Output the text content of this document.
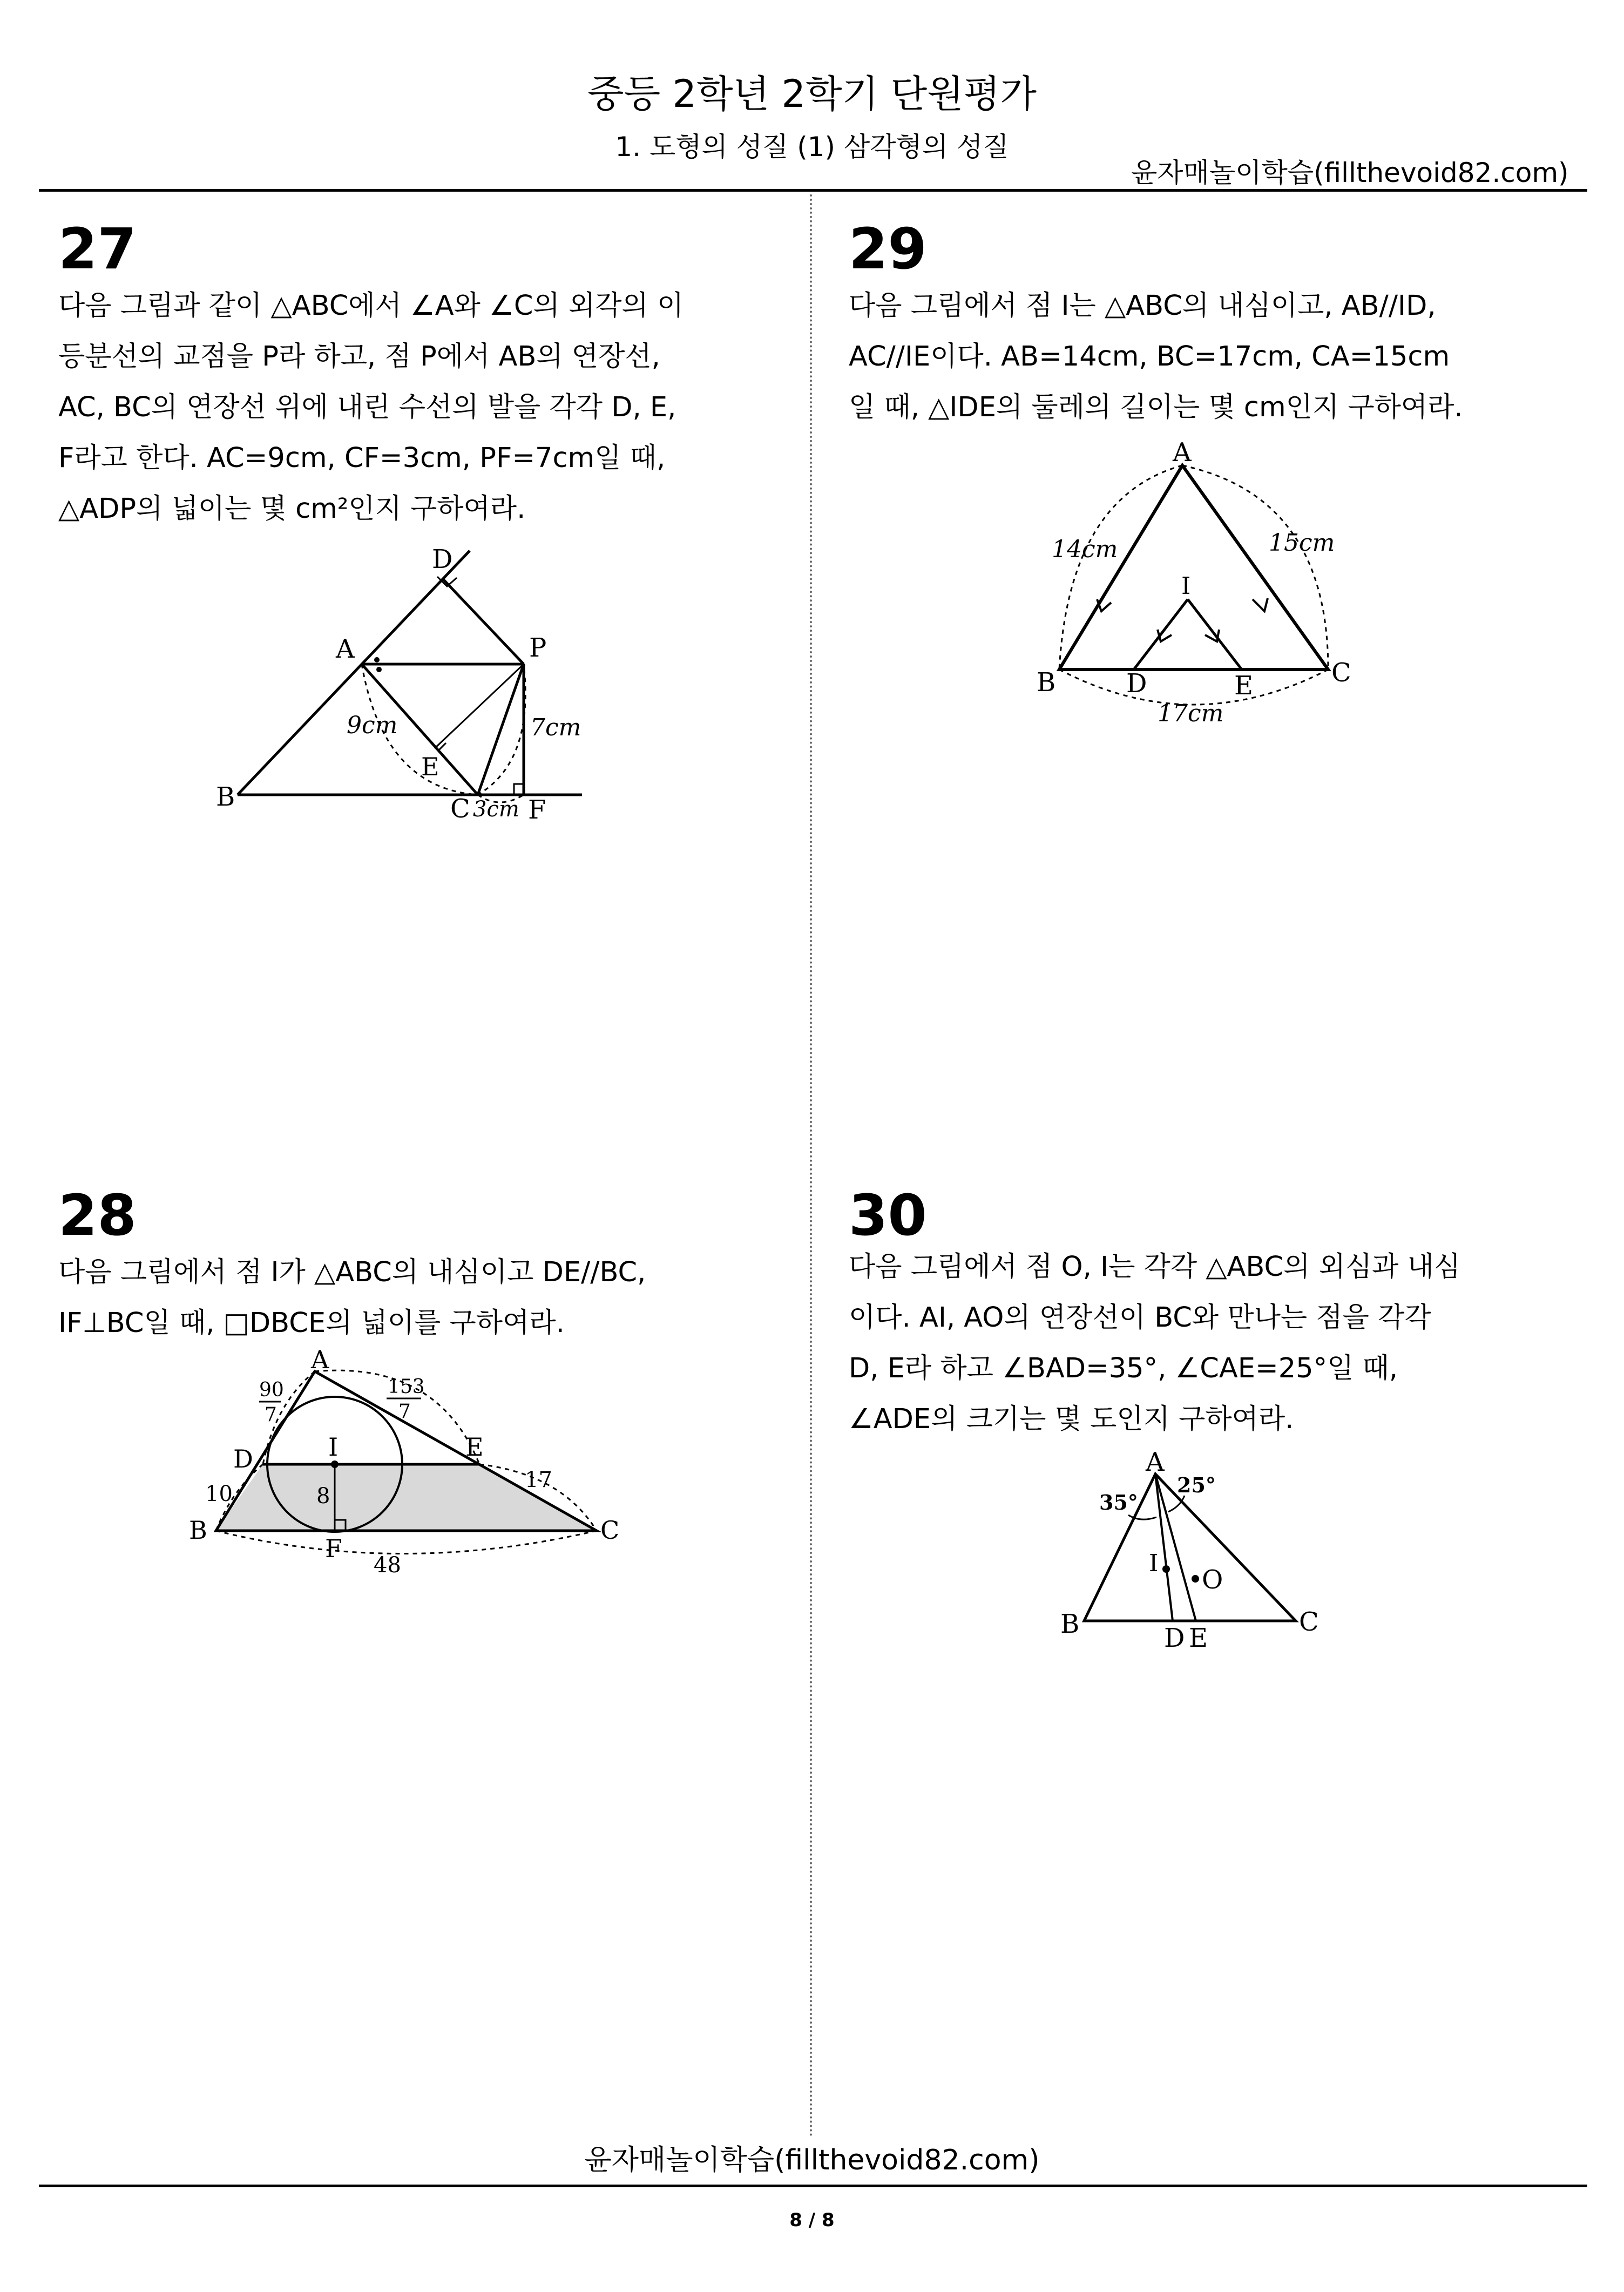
중등 2학년 2학기 단원평가
1. 도형의 성질 (1) 삼각형의 성질
윤자매놀이학습(fillthevoid82.com)
27

다음 그림과 같이 △ABC에서 ∠A와 ∠C의 외각의 이

등분선의 교점을 P라 하고, 점 P에서 AB의 연장선,

AC, BC의 연장선 위에 내린 수선의 발을 각각 D, E,

F라고 한다. AC=9cm, CF=3cm, PF=7cm일 때,

△ADP의 넓이는 몇 cm²인지 구하여라.

D
A	P
B	C F
E
9cm	7cm
3cm
28

다음 그림에서 점 I가 △ABC의 내심이고 DE//BC,

IF⊥BC일 때, □DBCE의 넓이를 구하여라.

A
D	I	E
B
F
C
90
7
153
7
10
17
8
48
29

다음 그림에서 점 I는 △ABC의 내심이고, AB//ID,

AC//IE이다. AB=14cm, BC=17cm, CA=15cm

일 때, △IDE의 둘레의 길이는 몇 cm인지 구하여라.

A
I
B	D	E	C
14cm	15cm
17cm
30

다음 그림에서 점 O, I는 각각 △ABC의 외심과 내심

이다. AI, AO의 연장선이 BC와 만나는 점을 각각

D, E라 하고 ∠BAD=35°, ∠CAE=25°일 때,

∠ADE의 크기는 몇 도인지 구하여라.

A
B	C
D E
I
O
35°
25°
윤자매놀이학습(fillthevoid82.com)
8 / 8
